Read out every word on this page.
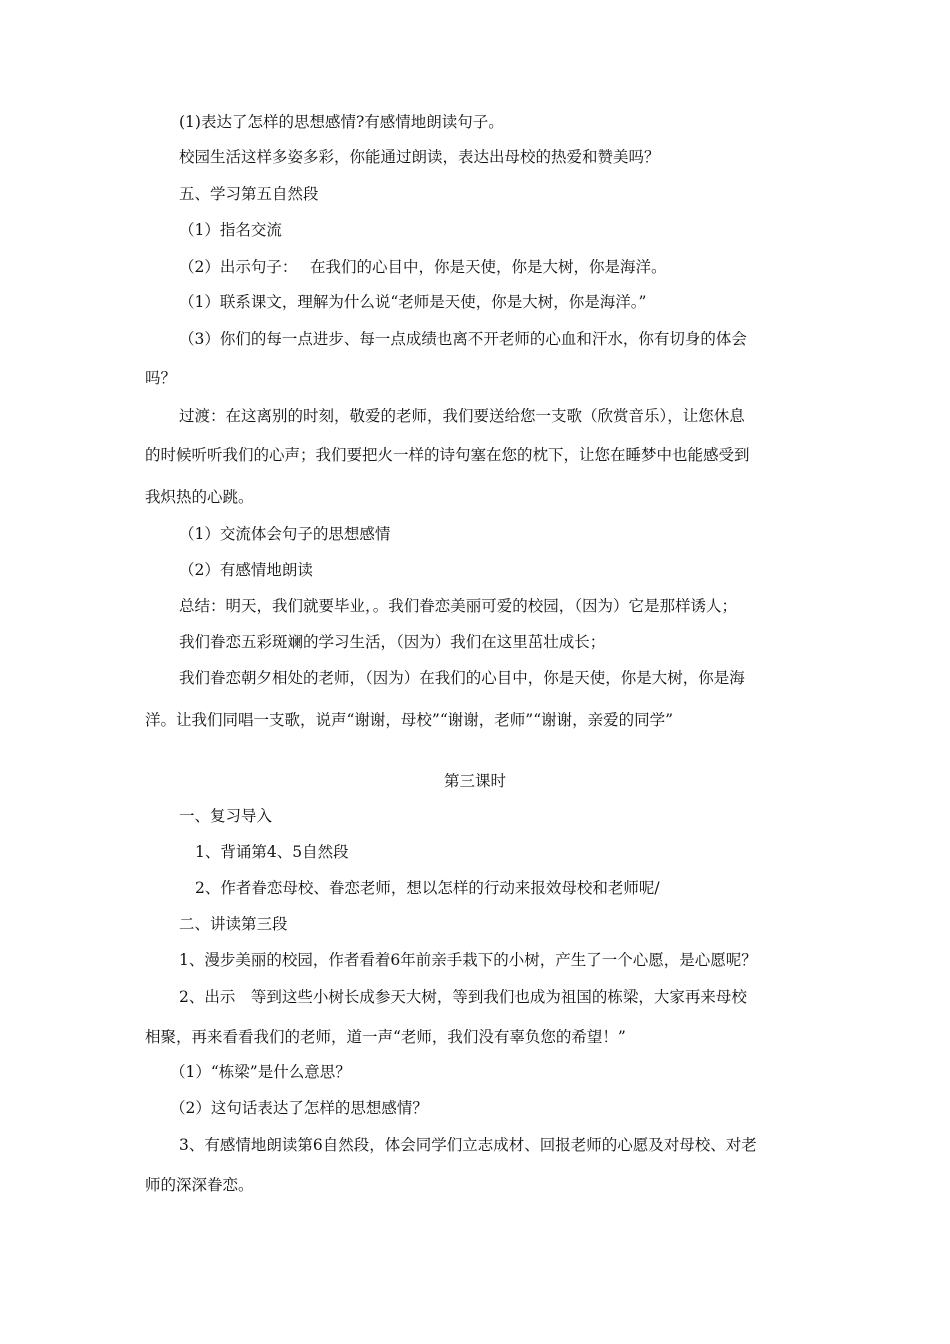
(1)表达了怎样的思想感情?有感情地朗读句子。

校园生活这样多姿多彩，你能通过朗读，表达出母校的热爱和赞美吗？

五、学习第五自然段

（1）指名交流

（2）出示句子：　 在我们的心目中，你是天使，你是大树，你是海洋。

（1）联系课文，理解为什么说“老师是天使，你是大树，你是海洋。”

（3）你们的每一点进步、每一点成绩也离不开老师的心血和汗水，你有切身的体会

吗？

过渡：在这离别的时刻，敬爱的老师，我们要送给您一支歌（欣赏音乐），让您休息

的时候听听我们的心声；我们要把火一样的诗句塞在您的枕下，让您在睡梦中也能感受到

我炽热的心跳。

（1）交流体会句子的思想感情

（2）有感情地朗读

总结：明天，我们就要毕业，。我们眷恋美丽可爱的校园，（因为）它是那样诱人；

我们眷恋五彩斑斓的学习生活，（因为）我们在这里茁壮成长；

我们眷恋朝夕相处的老师，（因为）在我们的心目中，你是天使，你是大树，你是海

洋。让我们同唱一支歌，说声“谢谢，母校”“谢谢，老师”“谢谢，亲爱的同学”

第三课时

一、复习导入

1、背诵第4、5自然段

2、作者眷恋母校、眷恋老师，想以怎样的行动来报效母校和老师呢/

二、讲读第三段

1、漫步美丽的校园，作者看着6年前亲手栽下的小树，产生了一个心愿，是心愿呢？

2、出示　等到这些小树长成参天大树，等到我们也成为祖国的栋梁，大家再来母校

相聚，再来看看我们的老师，道一声“老师，我们没有辜负您的希望！”

（1）“栋梁”是什么意思？

（2）这句话表达了怎样的思想感情？

3、有感情地朗读第6自然段，体会同学们立志成材、回报老师的心愿及对母校、对老

师的深深眷恋。
